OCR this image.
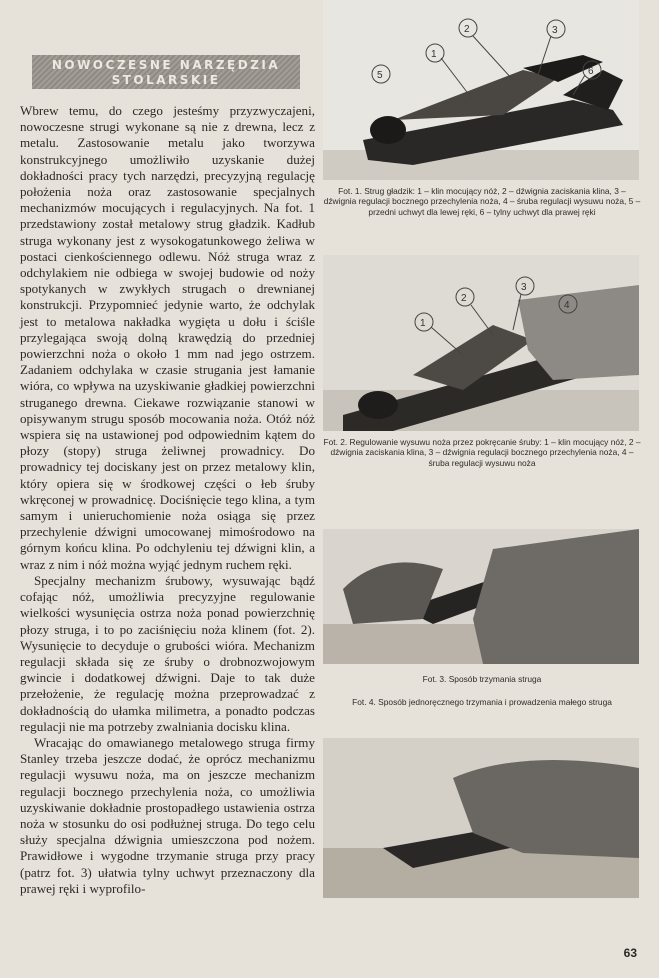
NOWOCZESNE NARZĘDZIA
STOLARSKIE

Wbrew temu, do czego jesteśmy przyzwyczajeni, nowoczesne strugi wykonane są nie z drewna, lecz z metalu. Zastosowanie metalu jako tworzywa konstrukcyjnego umożliwiło uzyskanie dużej dokładności pracy tych narzędzi, precyzyjną regulację położenia noża oraz zastosowanie specjalnych mechanizmów mocujących i regulacyjnych. Na fot. 1 przedstawiony został metalowy strug gładzik. Kadłub struga wykonany jest z wysokogatunkowego żeliwa w postaci cienkościennego odlewu. Nóż struga wraz z odchylakiem nie odbiega w swojej budowie od noży spotykanych w zwykłych strugach o drewnianej konstrukcji. Przypomnieć jedynie warto, że odchylak jest to metalowa nakładka wygięta u dołu i ściśle przylegająca swoją dolną krawędzią do przedniej powierzchni noża o około 1 mm nad jego ostrzem. Zadaniem odchylaka w czasie strugania jest łamanie wióra, co wpływa na uzyskiwanie gładkiej powierzchni struganego drewna. Ciekawe rozwiązanie stanowi w opisywanym strugu sposób mocowania noża. Otóż nóż wspiera się na ustawionej pod odpowiednim kątem do płozy (stopy) struga żeliwnej prowadnicy. Do prowadnicy tej dociskany jest on przez metalowy klin, który opiera się w środkowej części o łeb śruby wkręconej w prowadnicę. Dociśnięcie tego klina, a tym samym i unieruchomienie noża osiąga się przez przechylenie dźwigni umocowanej mimośrodowo na górnym końcu klina. Po odchyleniu tej dźwigni klin, a wraz z nim i nóż można wyjąć jednym ruchem ręki.

Specjalny mechanizm śrubowy, wysuwając bądź cofając nóż, umożliwia precyzyjne regulowanie wielkości wysunięcia ostrza noża ponad powierzchnię płozy struga, i to po zaciśnięciu noża klinem (fot. 2). Wysunięcie to decyduje o grubości wióra. Mechanizm regulacji składa się ze śruby o drobnozwojowym gwincie i dodatkowej dźwigni. Daje to tak duże przełożenie, że regulację można przeprowadzać z dokładnością do ułamka milimetra, a ponadto podczas regulacji nie ma potrzeby zwalniania docisku klina.

Wracając do omawianego metalowego struga firmy Stanley trzeba jeszcze dodać, że oprócz mechanizmu regulacji wysuwu noża, ma on jeszcze mechanizm regulacji bocznego przechylenia noża, co umożliwia uzyskiwanie dokładnie prostopadłego ustawienia ostrza noża w stosunku do osi podłużnej struga. Do tego celu służy specjalna dźwignia umieszczona pod nożem. Prawidłowe i wygodne trzymanie struga przy pracy (patrz fot. 3) ułatwia tylny uchwyt przeznaczony dla prawej ręki i wyprofilo-

1
2	3
5	6
Fot. 1. Strug gładzik: 1 – klin mocujący nóż, 2 – dźwignia zaciskania klina, 3 – dźwignia regulacji bocznego przechylenia noża, 4 – śruba regulacji wysuwu noża, 5 – przedni uchwyt dla lewej ręki, 6 – tylny uchwyt dla prawej ręki
1
2
3
4
Fot. 2. Regulowanie wysuwu noża przez pokręcanie śruby: 1 – klin mocujący nóż, 2 – dźwignia zaciskania klina, 3 – dźwignia regulacji bocznego przechylenia noża, 4 – śruba regulacji wysuwu noża
Fot. 3. Sposób trzymania struga
Fot. 4. Sposób jednoręcznego trzymania i prowadzenia małego struga
63
